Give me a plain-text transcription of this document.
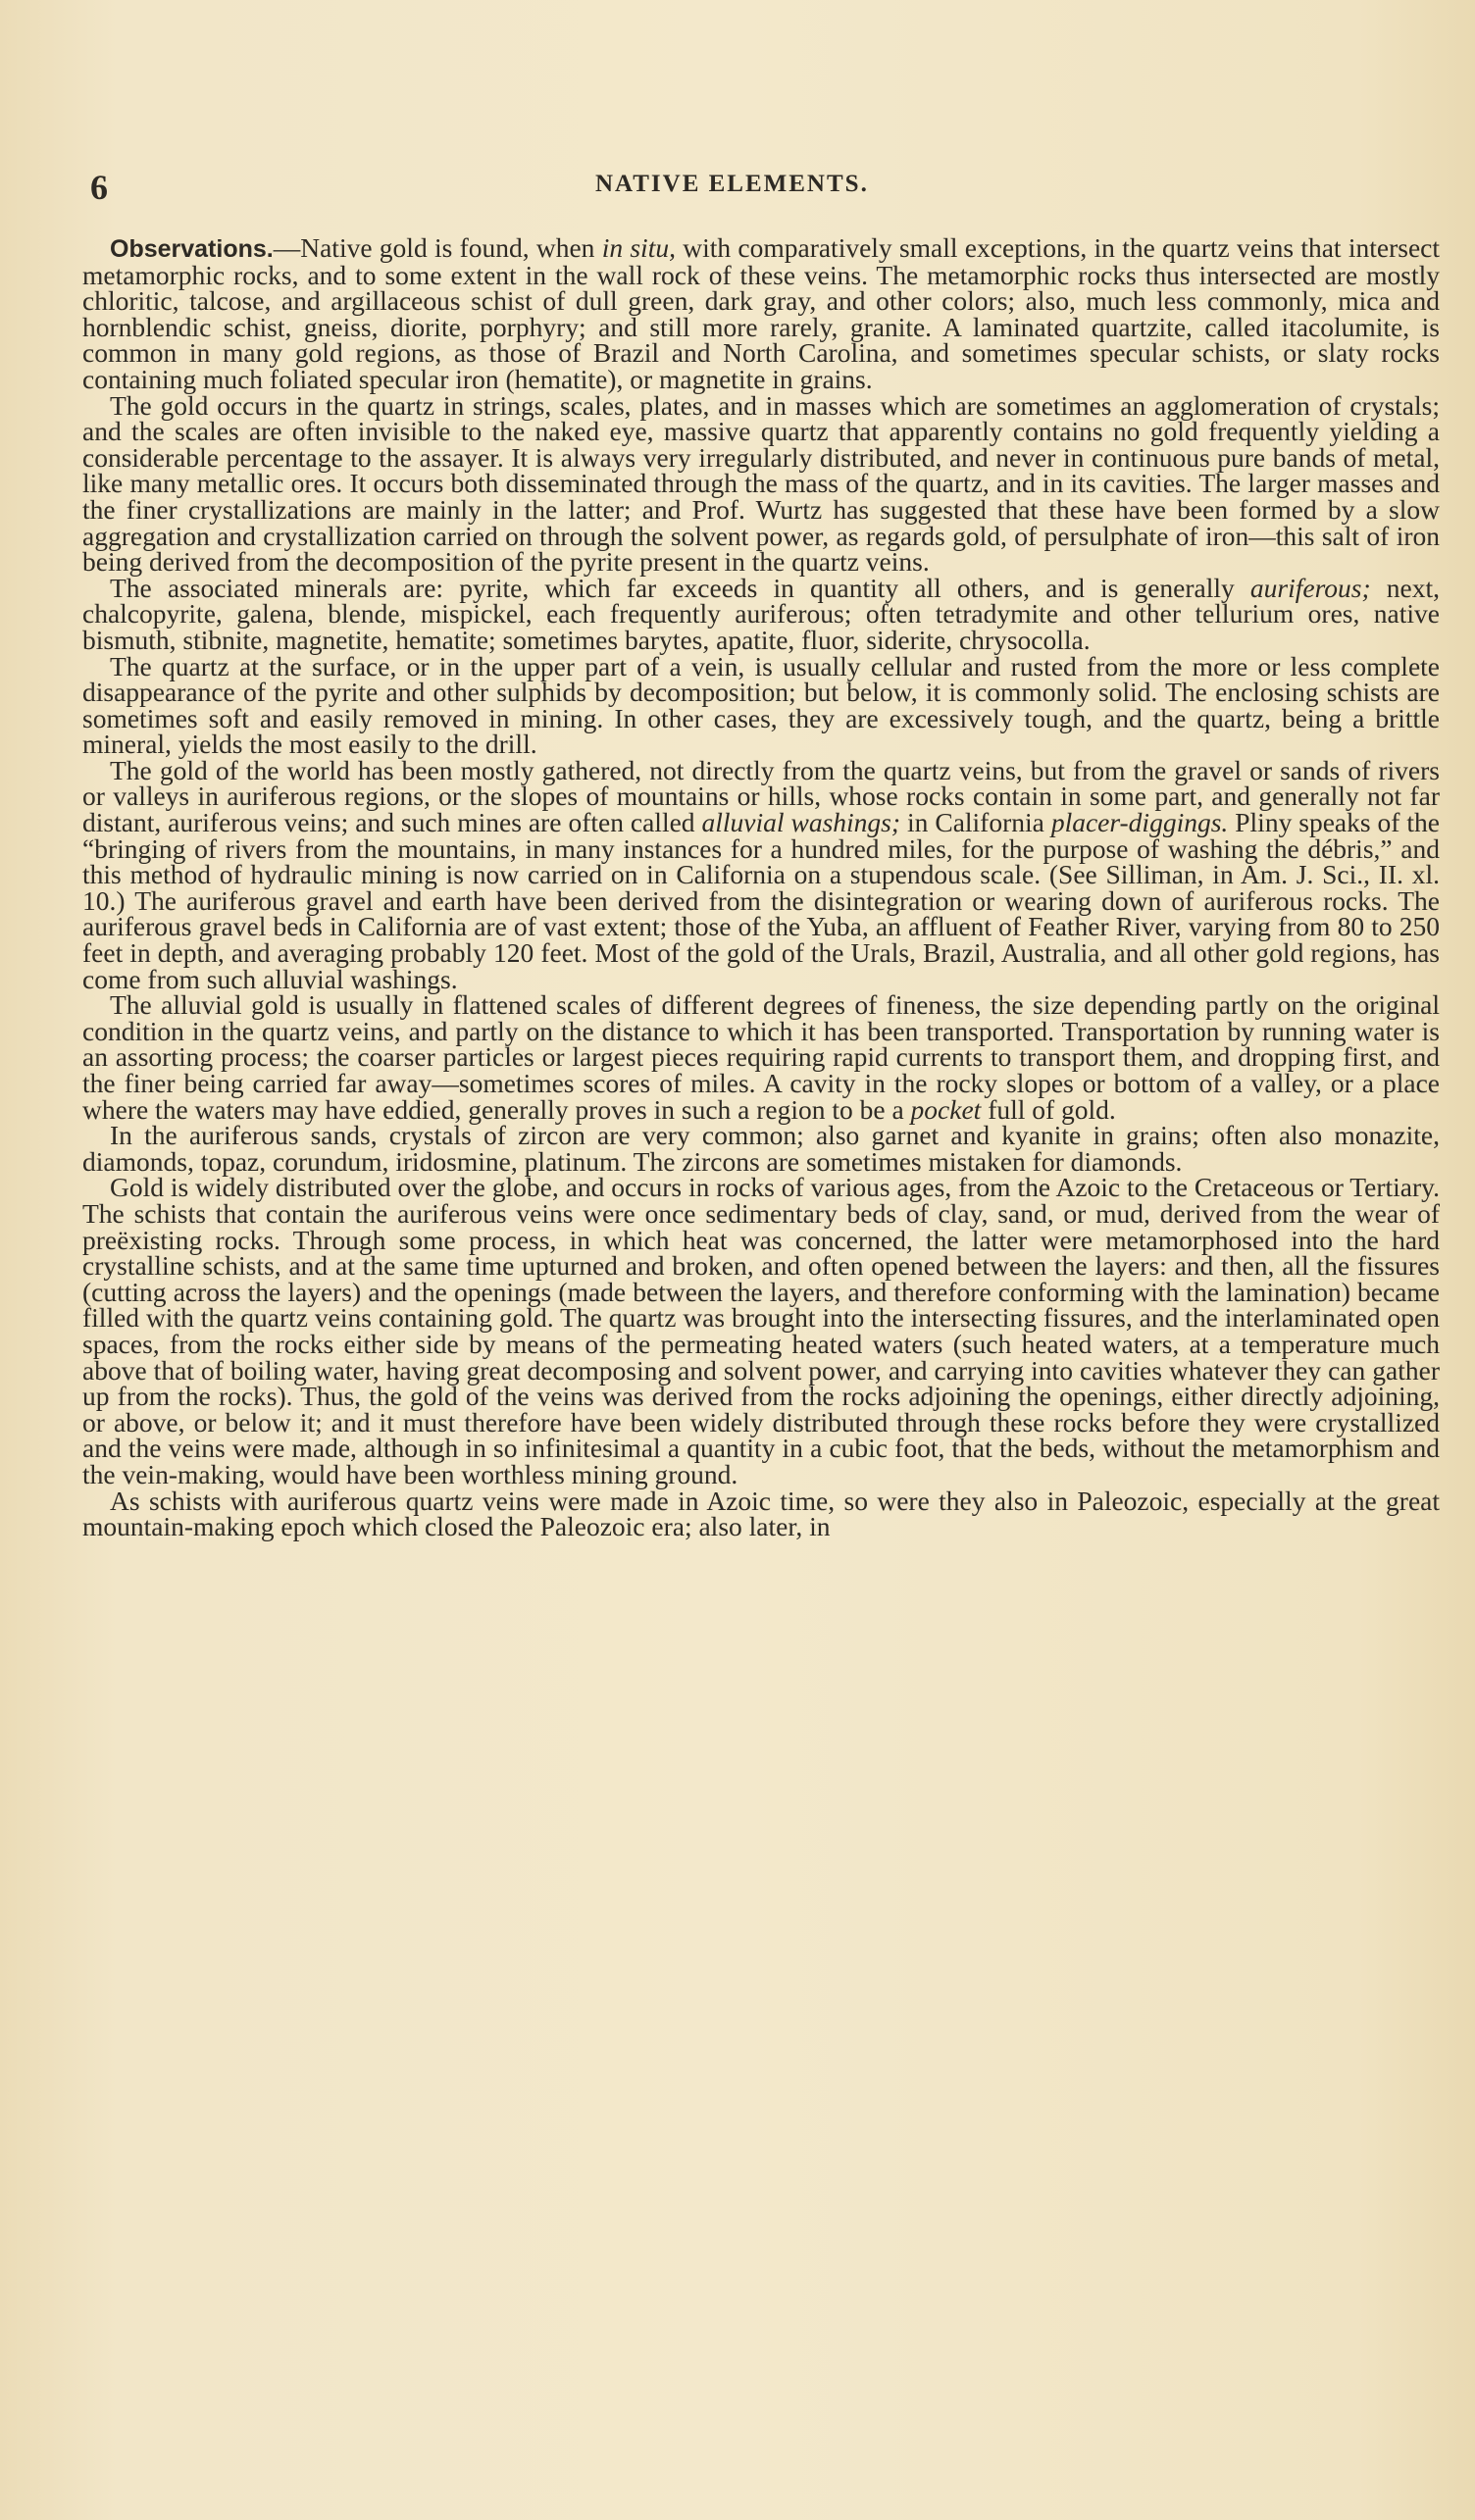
6	NATIVE ELEMENTS.

Observations.—Native gold is found, when in situ, with comparatively small exceptions, in the quartz veins that intersect metamorphic rocks, and to some extent in the wall rock of these veins. The metamorphic rocks thus intersected are mostly chloritic, talcose, and argillaceous schist of dull green, dark gray, and other colors; also, much less commonly, mica and hornblendic schist, gneiss, diorite, porphyry; and still more rarely, granite. A laminated quartzite, called itacolumite, is common in many gold regions, as those of Brazil and North Carolina, and sometimes specular schists, or slaty rocks containing much foliated specular iron (hematite), or magnetite in grains.

The gold occurs in the quartz in strings, scales, plates, and in masses which are sometimes an agglomeration of crystals; and the scales are often invisible to the naked eye, massive quartz that apparently contains no gold frequently yielding a considerable percentage to the assayer. It is always very irregularly distributed, and never in continuous pure bands of metal, like many metallic ores. It occurs both disseminated through the mass of the quartz, and in its cavities. The larger masses and the finer crystallizations are mainly in the latter; and Prof. Wurtz has suggested that these have been formed by a slow aggregation and crystallization carried on through the solvent power, as regards gold, of persulphate of iron—this salt of iron being derived from the decomposition of the pyrite present in the quartz veins.

The associated minerals are: pyrite, which far exceeds in quantity all others, and is generally auriferous; next, chalcopyrite, galena, blende, mispickel, each frequently auriferous; often tetradymite and other tellurium ores, native bismuth, stibnite, magnetite, hematite; sometimes barytes, apatite, fluor, siderite, chrysocolla.

The quartz at the surface, or in the upper part of a vein, is usually cellular and rusted from the more or less complete disappearance of the pyrite and other sulphids by decomposition; but below, it is commonly solid. The enclosing schists are sometimes soft and easily removed in mining. In other cases, they are excessively tough, and the quartz, being a brittle mineral, yields the most easily to the drill.

The gold of the world has been mostly gathered, not directly from the quartz veins, but from the gravel or sands of rivers or valleys in auriferous regions, or the slopes of mountains or hills, whose rocks contain in some part, and generally not far distant, auriferous veins; and such mines are often called alluvial washings; in California placer-diggings. Pliny speaks of the “bringing of rivers from the mountains, in many instances for a hundred miles, for the purpose of washing the débris,” and this method of hydraulic mining is now carried on in California on a stupendous scale. (See Silliman, in Am. J. Sci., II. xl. 10.) The auriferous gravel and earth have been derived from the disintegration or wearing down of auriferous rocks. The auriferous gravel beds in California are of vast extent; those of the Yuba, an affluent of Feather River, varying from 80 to 250 feet in depth, and averaging probably 120 feet. Most of the gold of the Urals, Brazil, Australia, and all other gold regions, has come from such alluvial washings.

The alluvial gold is usually in flattened scales of different degrees of fineness, the size depending partly on the original condition in the quartz veins, and partly on the distance to which it has been transported. Transportation by running water is an assorting process; the coarser particles or largest pieces requiring rapid currents to transport them, and dropping first, and the finer being carried far away—sometimes scores of miles. A cavity in the rocky slopes or bottom of a valley, or a place where the waters may have eddied, generally proves in such a region to be a pocket full of gold.

In the auriferous sands, crystals of zircon are very common; also garnet and kyanite in grains; often also monazite, diamonds, topaz, corundum, iridosmine, platinum. The zircons are sometimes mistaken for diamonds.

Gold is widely distributed over the globe, and occurs in rocks of various ages, from the Azoic to the Cretaceous or Tertiary. The schists that contain the auriferous veins were once sedimentary beds of clay, sand, or mud, derived from the wear of preëxisting rocks. Through some process, in which heat was concerned, the latter were metamorphosed into the hard crystalline schists, and at the same time upturned and broken, and often opened between the layers: and then, all the fissures (cutting across the layers) and the openings (made between the layers, and therefore conforming with the lamination) became filled with the quartz veins containing gold. The quartz was brought into the intersecting fissures, and the interlaminated open spaces, from the rocks either side by means of the permeating heated waters (such heated waters, at a temperature much above that of boiling water, having great decomposing and solvent power, and carrying into cavities whatever they can gather up from the rocks). Thus, the gold of the veins was derived from the rocks adjoining the openings, either directly adjoining, or above, or below it; and it must therefore have been widely distributed through these rocks before they were crystallized and the veins were made, although in so infinitesimal a quantity in a cubic foot, that the beds, without the metamorphism and the vein-making, would have been worthless mining ground.

As schists with auriferous quartz veins were made in Azoic time, so were they also in Paleozoic, especially at the great mountain-making epoch which closed the Paleozoic era; also later, in
